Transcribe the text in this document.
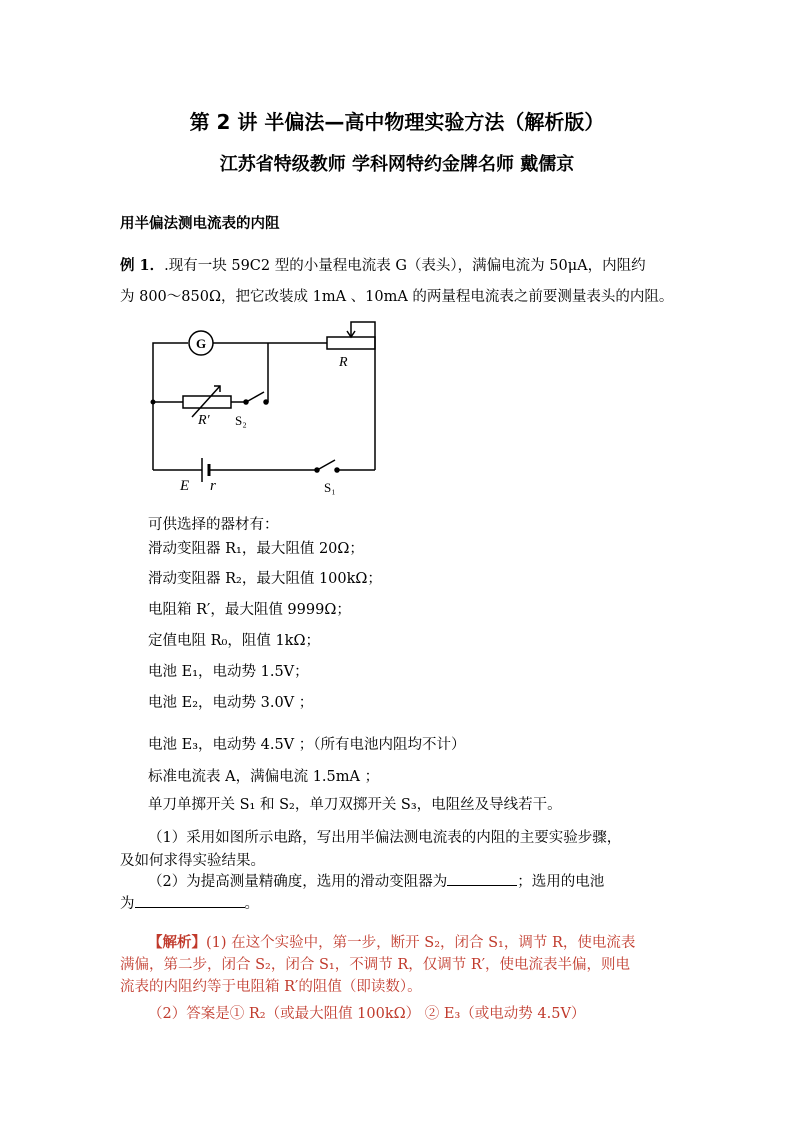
第 2 讲 半偏法—高中物理实验方法（解析版）
江苏省特级教师 学科网特约金牌名师 戴儒京
用半偏法测电流表的内阻
例 1．.现有一块 59C2 型的小量程电流表 G（表头），满偏电流为 50μA，内阻约
为 800～850Ω，把它改装成 1mA 、10mA 的两量程电流表之前要测量表头的内阻。
G
R
R′ S₂
E r	S₁
可供选择的器材有：
滑动变阻器 R₁，最大阻值 20Ω；
滑动变阻器 R₂，最大阻值 100kΩ；
电阻箱 R′，最大阻值 9999Ω；
定值电阻 R₀，阻值 1kΩ；
电池 E₁，电动势 1.5V；
电池 E₂，电动势 3.0V ；
电池 E₃，电动势 4.5V ；（所有电池内阻均不计）
标准电流表 A，满偏电流 1.5mA ；
单刀单掷开关 S₁ 和 S₂，单刀双掷开关 S₃，电阻丝及导线若干。
（1）采用如图所示电路，写出用半偏法测电流表的内阻的主要实验步骤，
及如何求得实验结果。
（2）为提高测量精确度，选用的滑动变阻器为	；选用的电池
为	。
【解析】(1) 在这个实验中，第一步，断开 S₂，闭合 S₁，调节 R，使电流表
满偏，第二步，闭合 S₂，闭合 S₁，不调节 R，仅调节 R′，使电流表半偏，则电
流表的内阻约等于电阻箱 R′的阻值（即读数）。
（2）答案是① R₂（或最大阻值 100kΩ） ② E₃（或电动势 4.5V）
